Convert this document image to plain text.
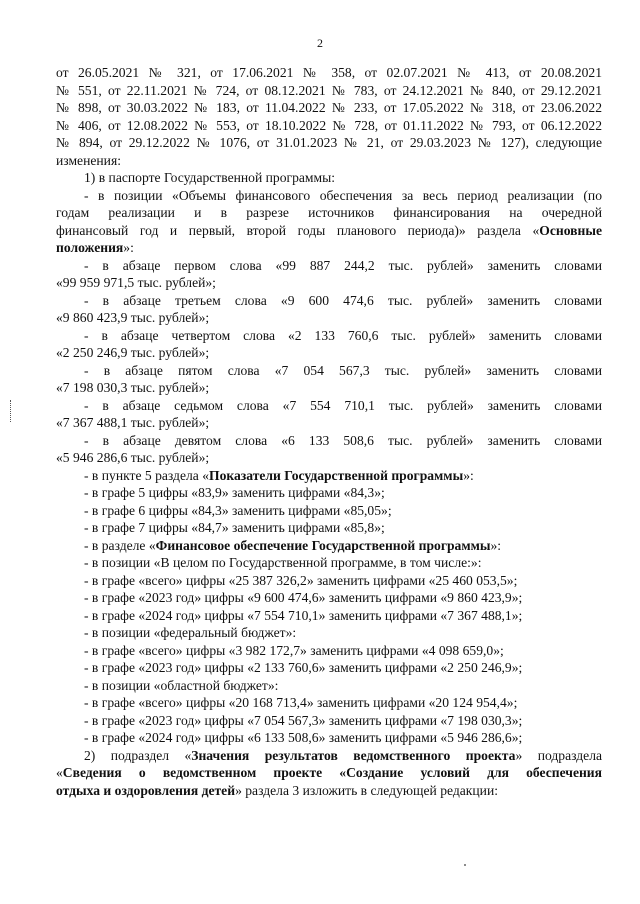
2
от 26.05.2021 № 321, от 17.06.2021 № 358, от 02.07.2021 № 413, от 20.08.2021
№ 551, от 22.11.2021 № 724, от 08.12.2021 № 783, от 24.12.2021 № 840, от 29.12.2021
№ 898, от 30.03.2022 № 183, от 11.04.2022 № 233, от 17.05.2022 № 318, от 23.06.2022
№ 406, от 12.08.2022 № 553, от 18.10.2022 № 728, от 01.11.2022 № 793, от 06.12.2022
№ 894, от 29.12.2022 № 1076, от 31.01.2023 № 21, от 29.03.2023 № 127), следующие
изменения:
1) в паспорте Государственной программы:
- в позиции «Объемы финансового обеспечения за весь период реализации (по
годам реализации и в разрезе источников финансирования на очередной
финансовый год и первый, второй годы планового периода)» раздела «Основные
положения»:
- в абзаце первом слова «99 887 244,2 тыс. рублей» заменить словами
«99 959 971,5 тыс. рублей»;
- в абзаце третьем слова «9 600 474,6 тыс. рублей» заменить словами
«9 860 423,9 тыс. рублей»;
- в абзаце четвертом слова «2 133 760,6 тыс. рублей» заменить словами
«2 250 246,9 тыс. рублей»;
- в абзаце пятом слова «7 054 567,3 тыс. рублей» заменить словами
«7 198 030,3 тыс. рублей»;
- в абзаце седьмом слова «7 554 710,1 тыс. рублей» заменить словами
«7 367 488,1 тыс. рублей»;
- в абзаце девятом слова «6 133 508,6 тыс. рублей» заменить словами
«5 946 286,6 тыс. рублей»;
- в пункте 5 раздела «Показатели Государственной программы»:
- в графе 5 цифры «83,9» заменить цифрами «84,3»;
- в графе 6 цифры «84,3» заменить цифрами «85,05»;
- в графе 7 цифры «84,7» заменить цифрами «85,8»;
- в разделе «Финансовое обеспечение Государственной программы»:
- в позиции «В целом по Государственной программе, в том числе:»:
- в графе «всего» цифры «25 387 326,2» заменить цифрами «25 460 053,5»;
- в графе «2023 год» цифры «9 600 474,6» заменить цифрами «9 860 423,9»;
- в графе «2024 год» цифры «7 554 710,1» заменить цифрами «7 367 488,1»;
- в позиции «федеральный бюджет»:
- в графе «всего» цифры «3 982 172,7» заменить цифрами «4 098 659,0»;
- в графе «2023 год» цифры «2 133 760,6» заменить цифрами «2 250 246,9»;
- в позиции «областной бюджет»:
- в графе «всего» цифры «20 168 713,4» заменить цифрами «20 124 954,4»;
- в графе «2023 год» цифры «7 054 567,3» заменить цифрами «7 198 030,3»;
- в графе «2024 год» цифры «6 133 508,6» заменить цифрами «5 946 286,6»;
2) подраздел «Значения результатов ведомственного проекта» подраздела
«Сведения о ведомственном проекте «Создание условий для обеспечения
отдыха и оздоровления детей» раздела 3 изложить в следующей редакции:
